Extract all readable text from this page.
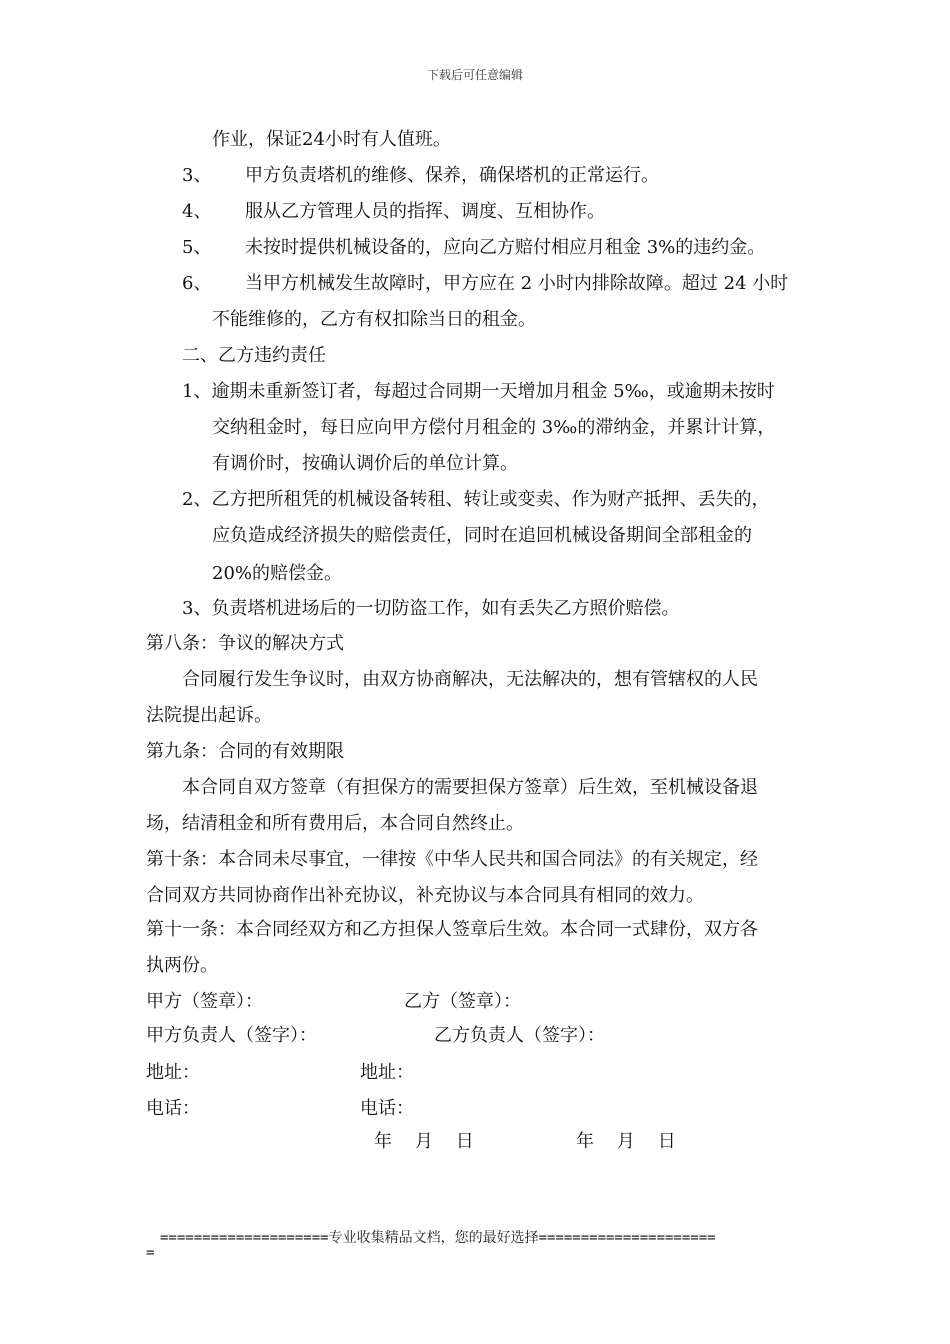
下载后可任意编辑
作业，保证24小时有人值班。
3、 甲方负责塔机的维修、保养，确保塔机的正常运行。
4、 服从乙方管理人员的指挥、调度、互相协作。
5、 未按时提供机械设备的，应向乙方赔付相应月租金 3%的违约金。
6、 当甲方机械发生故障时，甲方应在 2 小时内排除故障。超过 24 小时
不能维修的，乙方有权扣除当日的租金。
二、乙方违约责任
1、逾期未重新签订者，每超过合同期一天增加月租金 5‰，或逾期未按时
交纳租金时，每日应向甲方偿付月租金的 3‰的滞纳金，并累计计算，
有调价时，按确认调价后的单位计算。
2、乙方把所租凭的机械设备转租、转让或变卖、作为财产抵押、丢失的，
应负造成经济损失的赔偿责任，同时在追回机械设备期间全部租金的
20%的赔偿金。
3、负责塔机进场后的一切防盗工作，如有丢失乙方照价赔偿。
第八条：争议的解决方式
合同履行发生争议时，由双方协商解决，无法解决的，想有管辖权的人民
法院提出起诉。
第九条：合同的有效期限
本合同自双方签章（有担保方的需要担保方签章）后生效，至机械设备退
场，结清租金和所有费用后，本合同自然终止。
第十条：本合同未尽事宜，一律按《中华人民共和国合同法》的有关规定，经
合同双方共同协商作出补充协议，补充协议与本合同具有相同的效力。
第十一条：本合同经双方和乙方担保人签章后生效。本合同一式肆份，双方各
执两份。
甲方（签章）：	乙方（签章）：
甲方负责人（签字）：	乙方负责人（签字）：
地址：	地址：
电话：	电话：
年    月    日	年    月    日
====================专业收集精品文档，您的最好选择=====================
=
